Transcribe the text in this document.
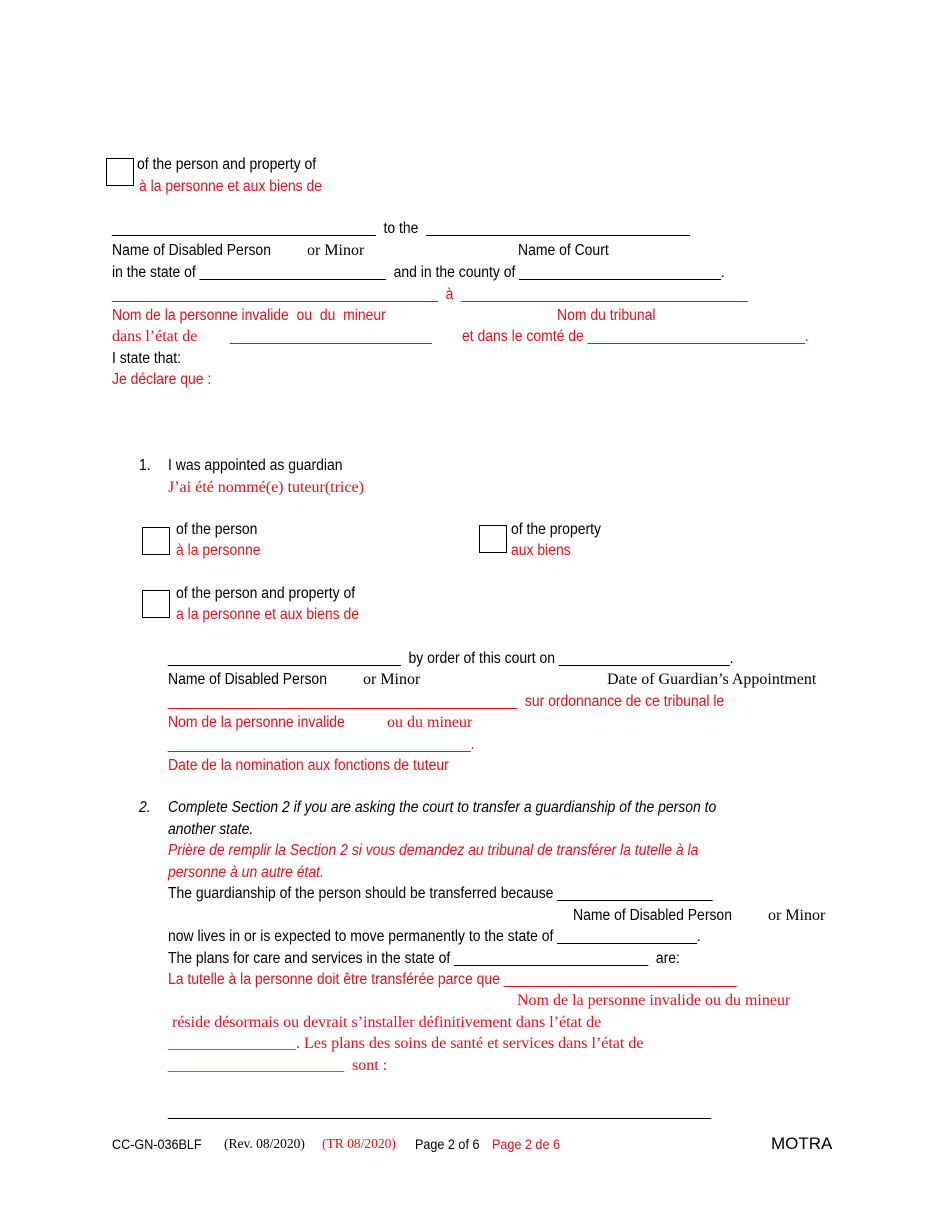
of the person and property of
à la personne et aux biens de
__________________________________  to the  __________________________________
Name of Disabled Person or Minor	Name of Court
in the state of ________________________  and in the county of __________________________.
__________________________________________  à  _____________________________________
Nom de la personne invalide  ou  du  mineur	Nom du tribunal
dans l’état de __________________________ et dans le comté de ____________________________.
I state that:
Je déclare que :
1. I was appointed as guardian
J’ai été nommé(e) tuteur(trice)
of the person
à la personne
of the property
aux biens
of the person and property of
a la personne et aux biens de
______________________________  by order of this court on ______________________.
Name of Disabled Person or Minor	Date of Guardian’s Appointment
_____________________________________________  sur ordonnance de ce tribunal le
Nom de la personne invalide	ou du mineur
_______________________________________.
Date de la nomination aux fonctions de tuteur
2. Complete Section 2 if you are asking the court to transfer a guardianship of the person to
another state.
Prière de remplir la Section 2 si vous demandez au tribunal de transférer la tutelle à la
personne à un autre état.
The guardianship of the person should be transferred because ____________________
Name of Disabled Person or Minor
now lives in or is expected to move permanently to the state of __________________.
The plans for care and services in the state of _________________________  are:
La tutelle à la personne doit être transférée parce que ______________________________
Nom de la personne invalide ou du mineur
réside désormais ou devrait s’installer définitivement dans l’état de
________________. Les plans des soins de santé et services dans l’état de
______________________  sont :
______________________________________________________________________
CC-GN-036BLF (Rev. 08/2020) (TR 08/2020) Page 2 of 6 Page 2 de 6	MOTRA
